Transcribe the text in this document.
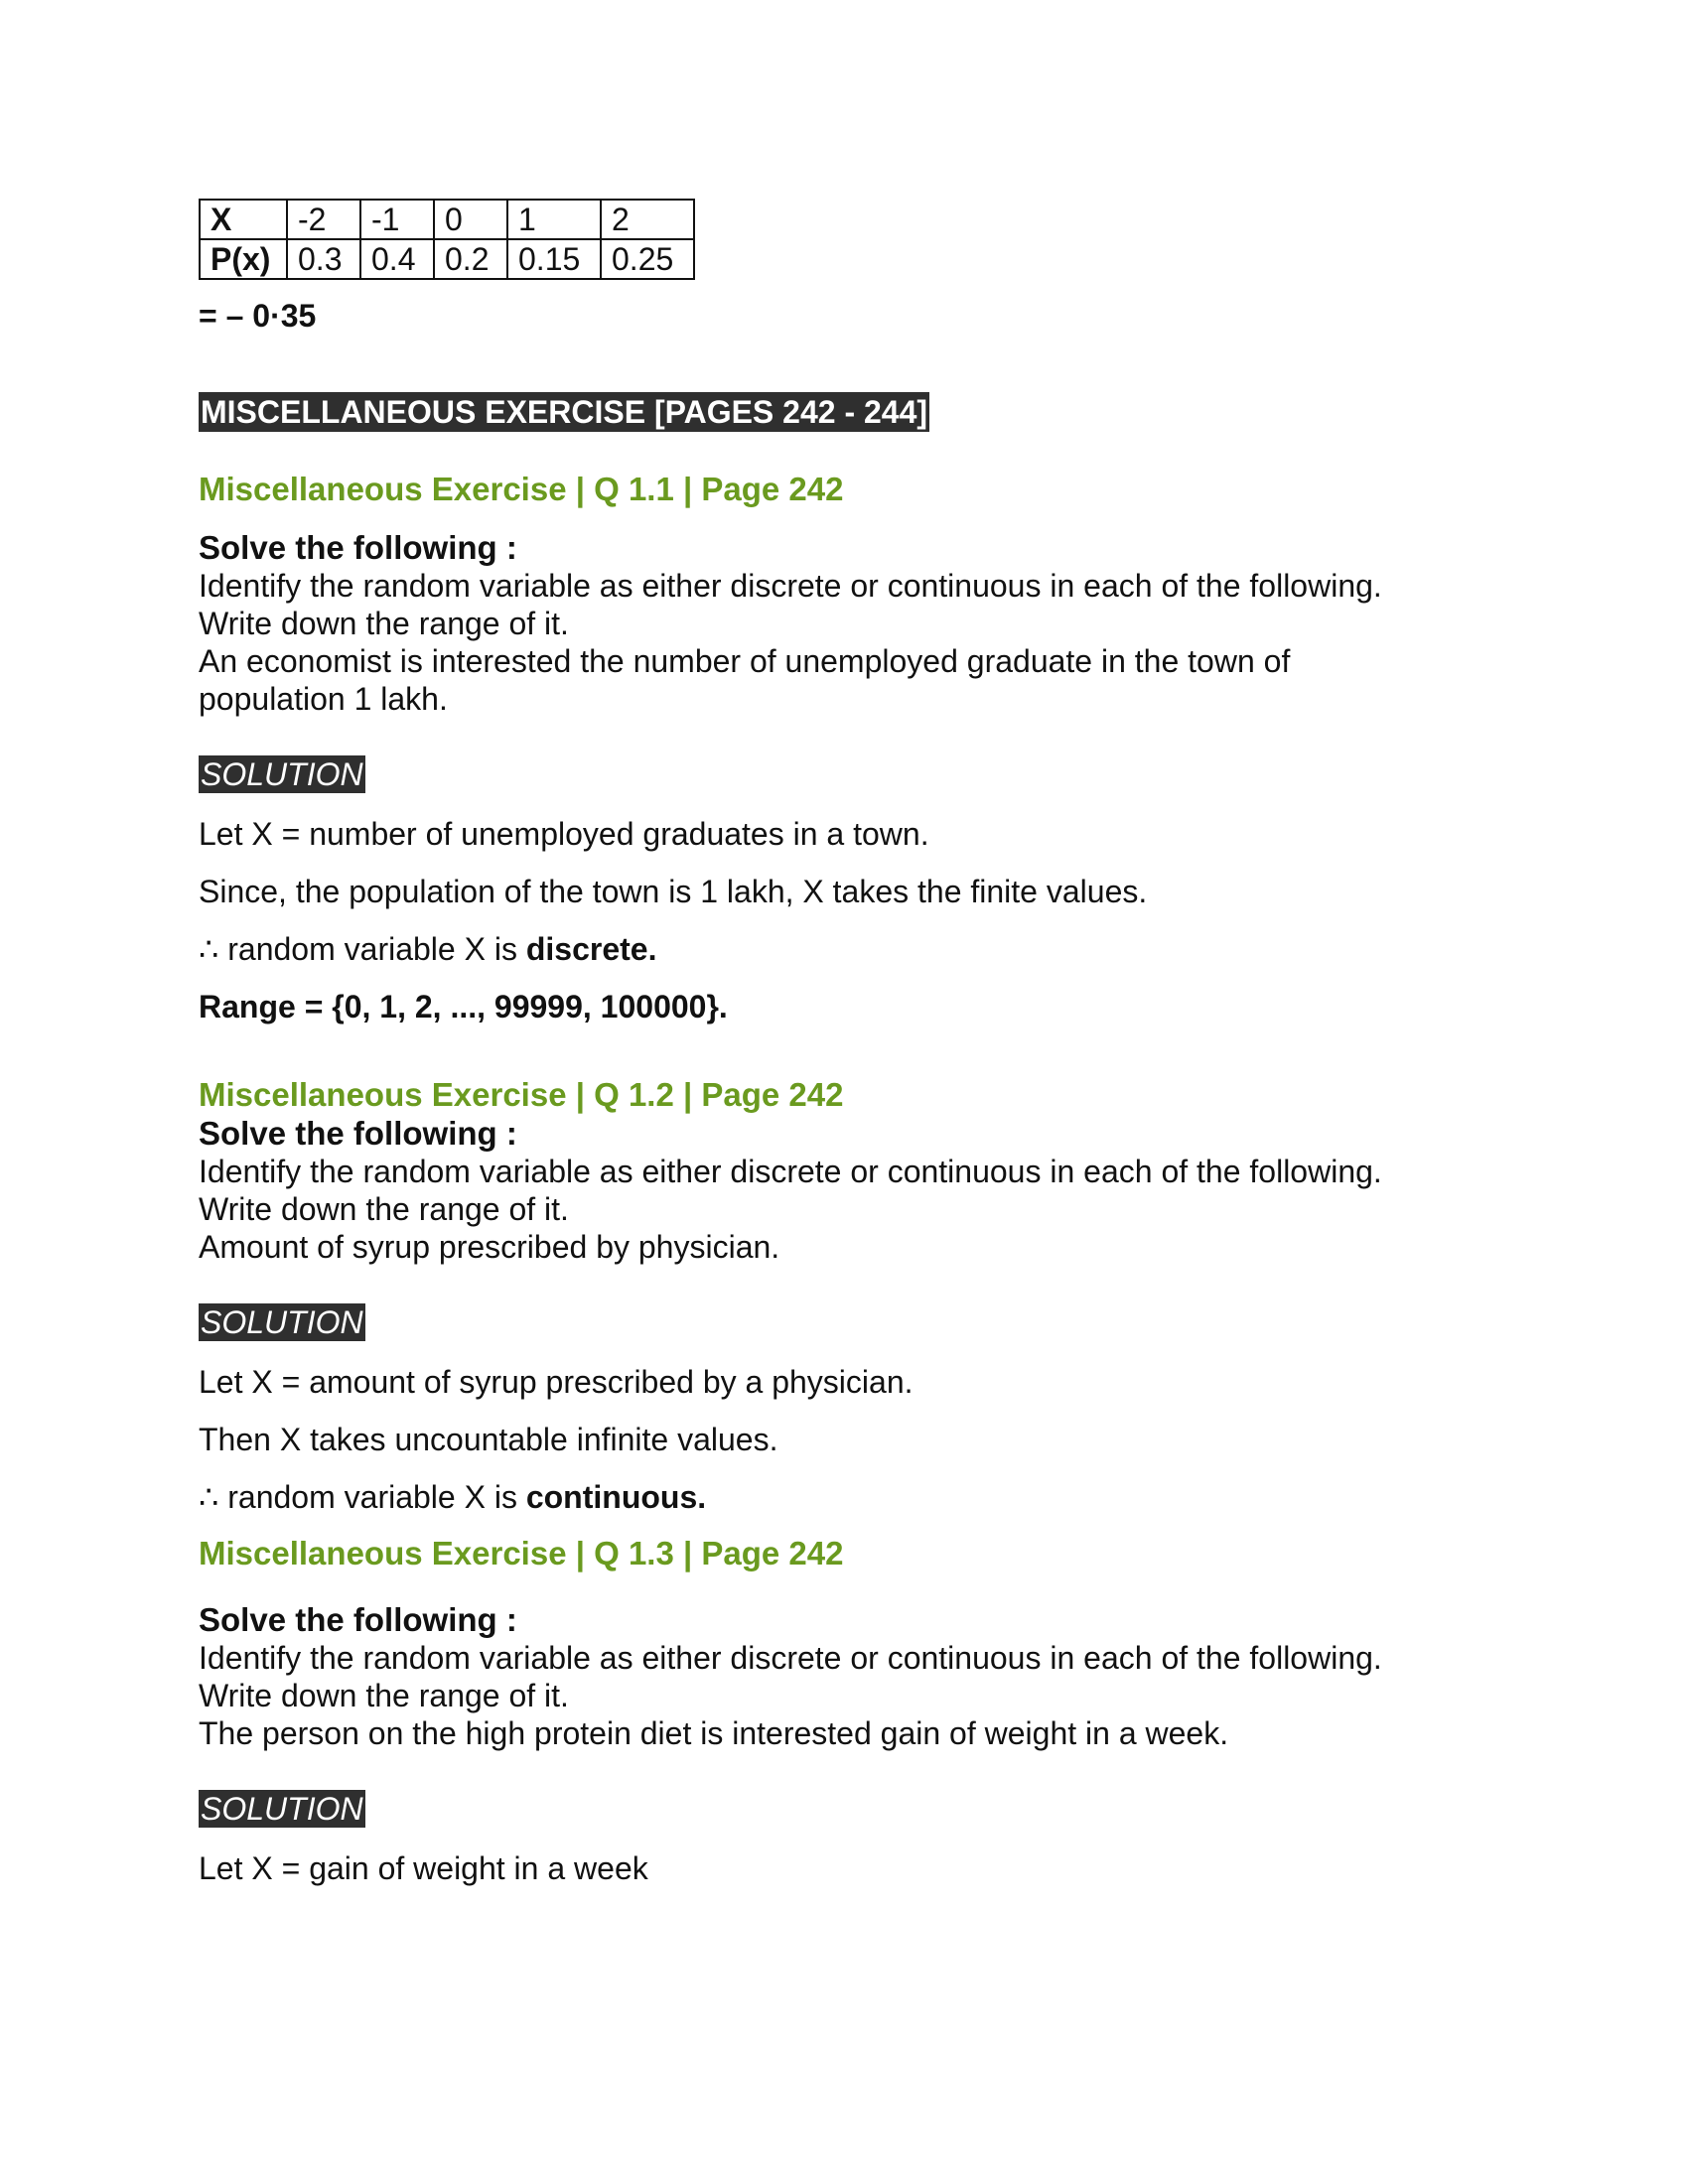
X	-2	-1	0	1	2
P(x)	0.3	0.4	0.2	0.15	0.25
= – 0·35
MISCELLANEOUS EXERCISE [PAGES 242 - 244]
Miscellaneous Exercise | Q 1.1 | Page 242
Solve the following :
Identify the random variable as either discrete or continuous in each of the following.
Write down the range of it.
An economist is interested the number of unemployed graduate in the town of
population 1 lakh.
SOLUTION
Let X = number of unemployed graduates in a town.
Since, the population of the town is 1 lakh, X takes the finite values.
∴ random variable X is discrete.
Range = {0, 1, 2, ..., 99999, 100000}.
Miscellaneous Exercise | Q 1.2 | Page 242
Solve the following :
Identify the random variable as either discrete or continuous in each of the following.
Write down the range of it.
Amount of syrup prescribed by physician.
SOLUTION
Let X = amount of syrup prescribed by a physician.
Then X takes uncountable infinite values.
∴ random variable X is continuous.
Miscellaneous Exercise | Q 1.3 | Page 242
Solve the following :
Identify the random variable as either discrete or continuous in each of the following.
Write down the range of it.
The person on the high protein diet is interested gain of weight in a week.
SOLUTION
Let X = gain of weight in a week
